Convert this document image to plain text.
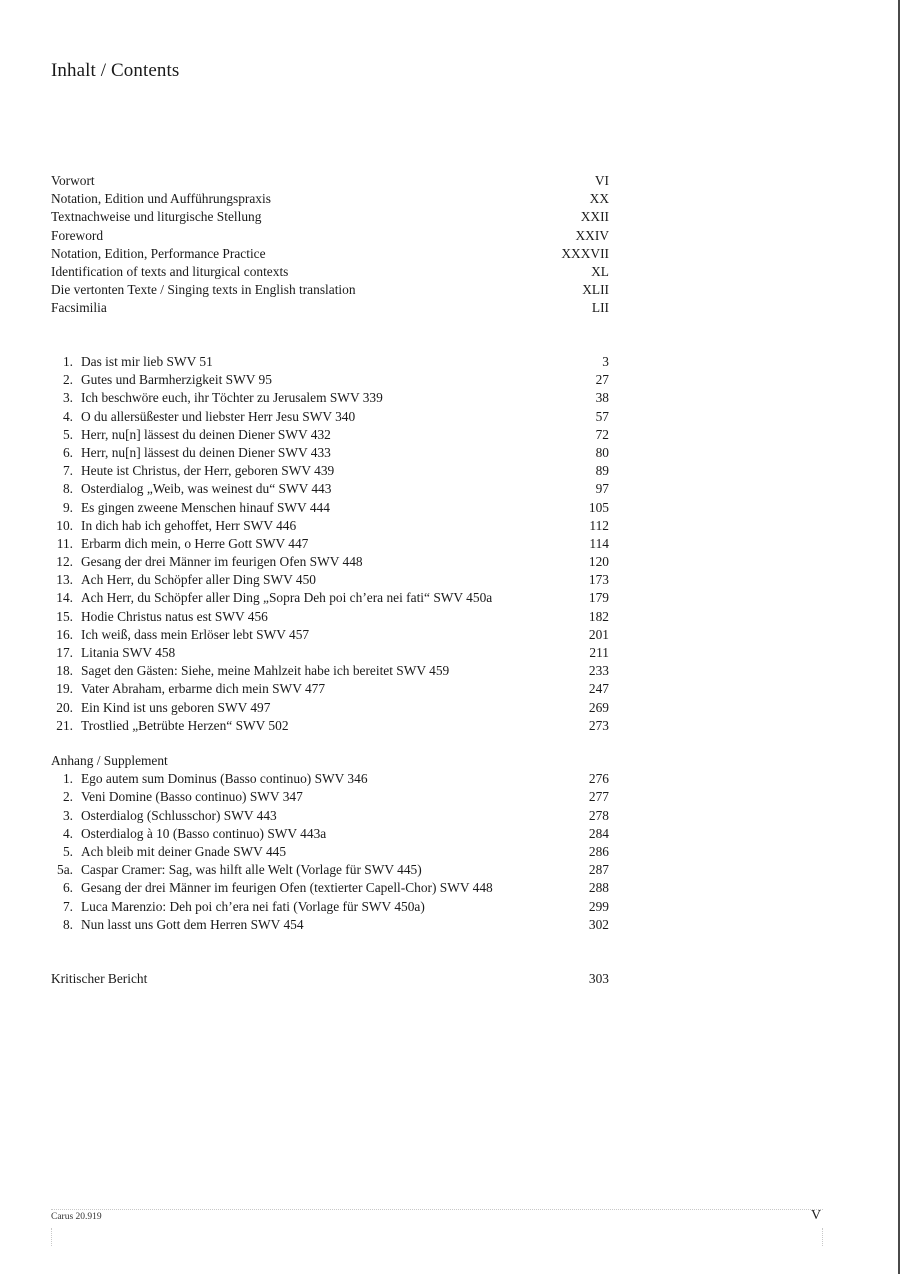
Inhalt / Contents
Vorwort	VI
Notation, Edition und Aufführungspraxis	XX
Textnachweise und liturgische Stellung	XXII
Foreword	XXIV
Notation, Edition, Performance Practice	XXXVII
Identification of texts and liturgical contexts	XL
Die vertonten Texte / Singing texts in English translation	XLII
Facsimilia	LII
1. Das ist mir lieb SWV 51	3
2. Gutes und Barmherzigkeit SWV 95	27
3. Ich beschwöre euch, ihr Töchter zu Jerusalem SWV 339	38
4. O du allersüßester und liebster Herr Jesu SWV 340	57
5. Herr, nu[n] lässest du deinen Diener SWV 432	72
6. Herr, nu[n] lässest du deinen Diener SWV 433	80
7. Heute ist Christus, der Herr, geboren SWV 439	89
8. Osterdialog „Weib, was weinest du“ SWV 443	97
9. Es gingen zweene Menschen hinauf SWV 444	105
10. In dich hab ich gehoffet, Herr SWV 446	112
11. Erbarm dich mein, o Herre Gott SWV 447	114
12. Gesang der drei Männer im feurigen Ofen SWV 448	120
13. Ach Herr, du Schöpfer aller Ding SWV 450	173
14. Ach Herr, du Schöpfer aller Ding „Sopra Deh poi ch’era nei fati“ SWV 450a	179
15. Hodie Christus natus est SWV 456	182
16. Ich weiß, dass mein Erlöser lebt SWV 457	201
17. Litania SWV 458	211
18. Saget den Gästen: Siehe, meine Mahlzeit habe ich bereitet SWV 459	233
19. Vater Abraham, erbarme dich mein SWV 477	247
20. Ein Kind ist uns geboren SWV 497	269
21. Trostlied „Betrübte Herzen“ SWV 502	273
Anhang / Supplement
1. Ego autem sum Dominus (Basso continuo) SWV 346	276
2. Veni Domine (Basso continuo) SWV 347	277
3. Osterdialog (Schlusschor) SWV 443	278
4. Osterdialog à 10 (Basso continuo) SWV 443a	284
5. Ach bleib mit deiner Gnade SWV 445	286
5a. Caspar Cramer: Sag, was hilft alle Welt (Vorlage für SWV 445)	287
6. Gesang der drei Männer im feurigen Ofen (textierter Capell-Chor) SWV 448	288
7. Luca Marenzio: Deh poi ch’era nei fati (Vorlage für SWV 450a)	299
8. Nun lasst uns Gott dem Herren SWV 454	302
Kritischer Bericht	303
Carus 20.919	V
